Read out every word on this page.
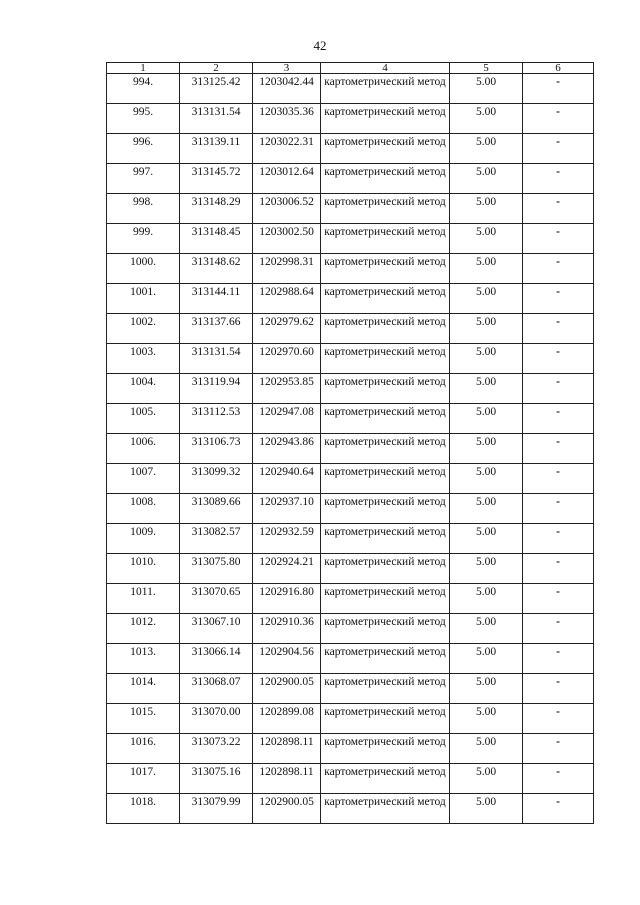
42
1	2	3	4	5	6

994.	313125.42	1203042.44	картометрический метод	5.00	-

995.	313131.54	1203035.36	картометрический метод	5.00	-

996.	313139.11	1203022.31	картометрический метод	5.00	-

997.	313145.72	1203012.64	картометрический метод	5.00	-

998.	313148.29	1203006.52	картометрический метод	5.00	-

999.	313148.45	1203002.50	картометрический метод	5.00	-

1000.	313148.62	1202998.31	картометрический метод	5.00	-

1001.	313144.11	1202988.64	картометрический метод	5.00	-

1002.	313137.66	1202979.62	картометрический метод	5.00	-

1003.	313131.54	1202970.60	картометрический метод	5.00	-

1004.	313119.94	1202953.85	картометрический метод	5.00	-

1005.	313112.53	1202947.08	картометрический метод	5.00	-

1006.	313106.73	1202943.86	картометрический метод	5.00	-

1007.	313099.32	1202940.64	картометрический метод	5.00	-

1008.	313089.66	1202937.10	картометрический метод	5.00	-

1009.	313082.57	1202932.59	картометрический метод	5.00	-

1010.	313075.80	1202924.21	картометрический метод	5.00	-

1011.	313070.65	1202916.80	картометрический метод	5.00	-

1012.	313067.10	1202910.36	картометрический метод	5.00	-

1013.	313066.14	1202904.56	картометрический метод	5.00	-

1014.	313068.07	1202900.05	картометрический метод	5.00	-

1015.	313070.00	1202899.08	картометрический метод	5.00	-

1016.	313073.22	1202898.11	картометрический метод	5.00	-

1017.	313075.16	1202898.11	картометрический метод	5.00	-

1018.	313079.99	1202900.05	картометрический метод	5.00	-
